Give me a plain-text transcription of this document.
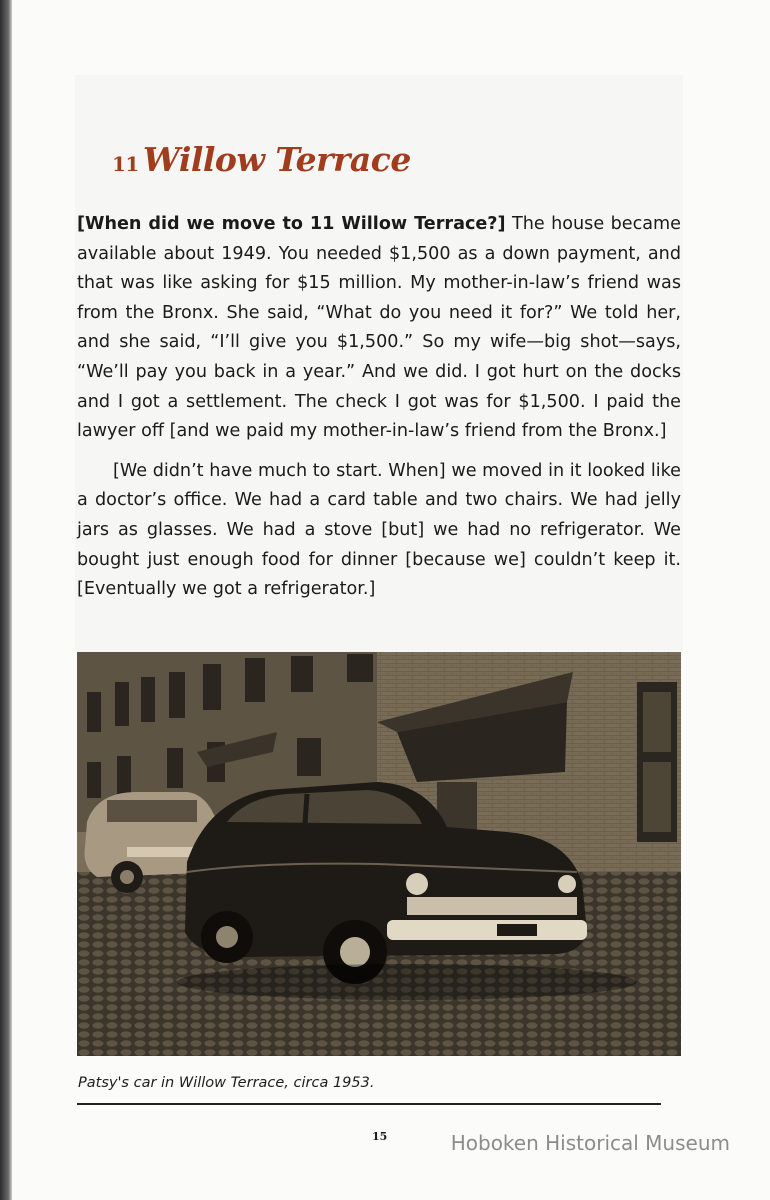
11 Willow Terrace

[When did we move to 11 Willow Terrace?] The house became available about 1949. You needed $1,500 as a down payment, and that was like asking for $15 million. My mother-in-law’s friend was from the Bronx. She said, “What do you need it for?” We told her, and she said, “I’ll give you $1,500.” So my wife—big shot—says, “We’ll pay you back in a year.” And we did. I got hurt on the docks and I got a settlement. The check I got was for $1,500. I paid the lawyer off [and we paid my mother-in-law’s friend from the Bronx.]

[We didn’t have much to start. When] we moved in it looked like a doctor’s office. We had a card table and two chairs. We had jelly jars as glasses. We had a stove [but] we had no refrigerator. We bought just enough food for dinner [because we] couldn’t keep it. [Eventually we got a refrigerator.]

Patsy's car in Willow Terrace, circa 1953.
15	Hoboken Historical Museum
